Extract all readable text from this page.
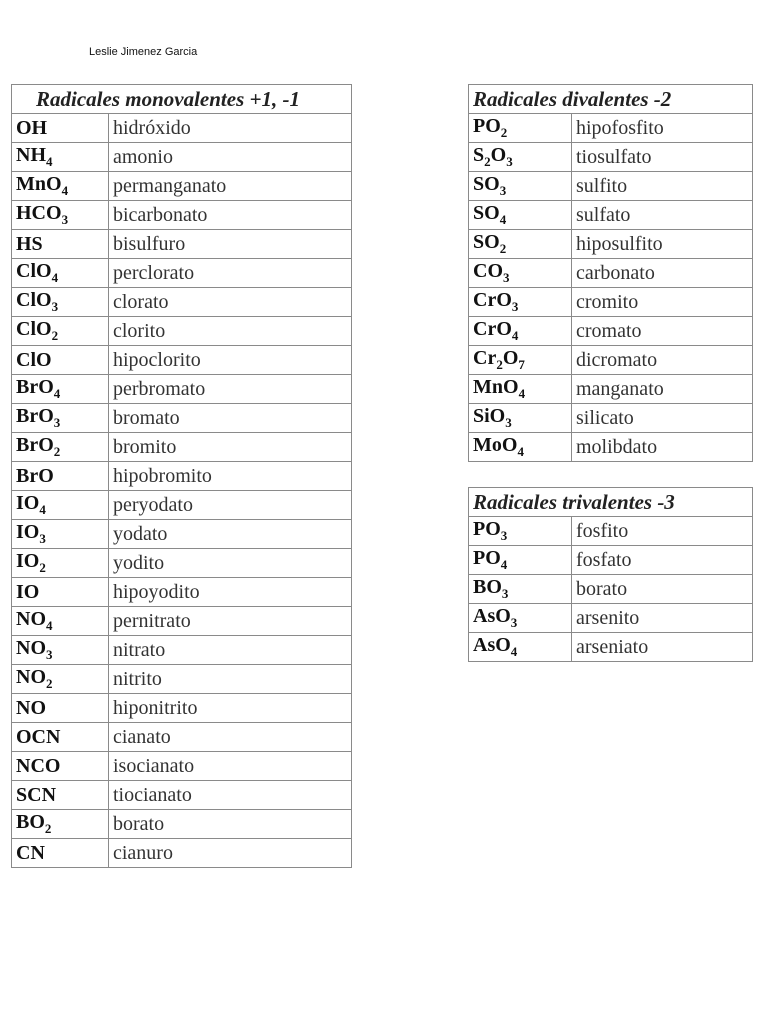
Leslie Jimenez Garcia
Radicales monovalentes +1, -1	
OH	hidróxido
$NH_4$	amonio
MnO$_4$	permanganato
$HCO_3$	bicarbonato
HS	bisulfuro
ClO$_4$	perclorato
ClO$_3$	clorato
ClO$_2$	clorito
ClO	hipoclorito
BrO$_4$	perbromato
BrO$_3$	bromato
BrO$_2$	bromito
BrO	hipobromito
$IO_4$	peryodato
$IO_3$	yodato
$IO_2$	yodito
IO	hipoyodito
$NO_4$	pernitrato
$NO_3$	nitrato
$NO_2$	nitrito
NO	hiponitrito
OCN	cianato
NCO	isocianato
SCN	tiocianato
$BO_2$	borato
CN	cianuro
Radicales divalentes -2	
$PO_2$	hipofosfito
$S_2O_3$	tiosulfato
$SO_3$	sulfito
$SO_4$	sulfato
$SO_2$	hiposulfito
$CO_3$	carbonato
CrO$_3$	cromito
CrO$_4$	cromato
$Cr_2O_7$	dicromato
MnO$_4$	manganato
SiO$_3$	silicato
MoO$_4$	molibdato
Radicales trivalentes -3	
$PO_3$	fosfito
$PO_4$	fosfato
$BO_3$	borato
AsO$_3$	arsenito
AsO$_4$	arseniato
